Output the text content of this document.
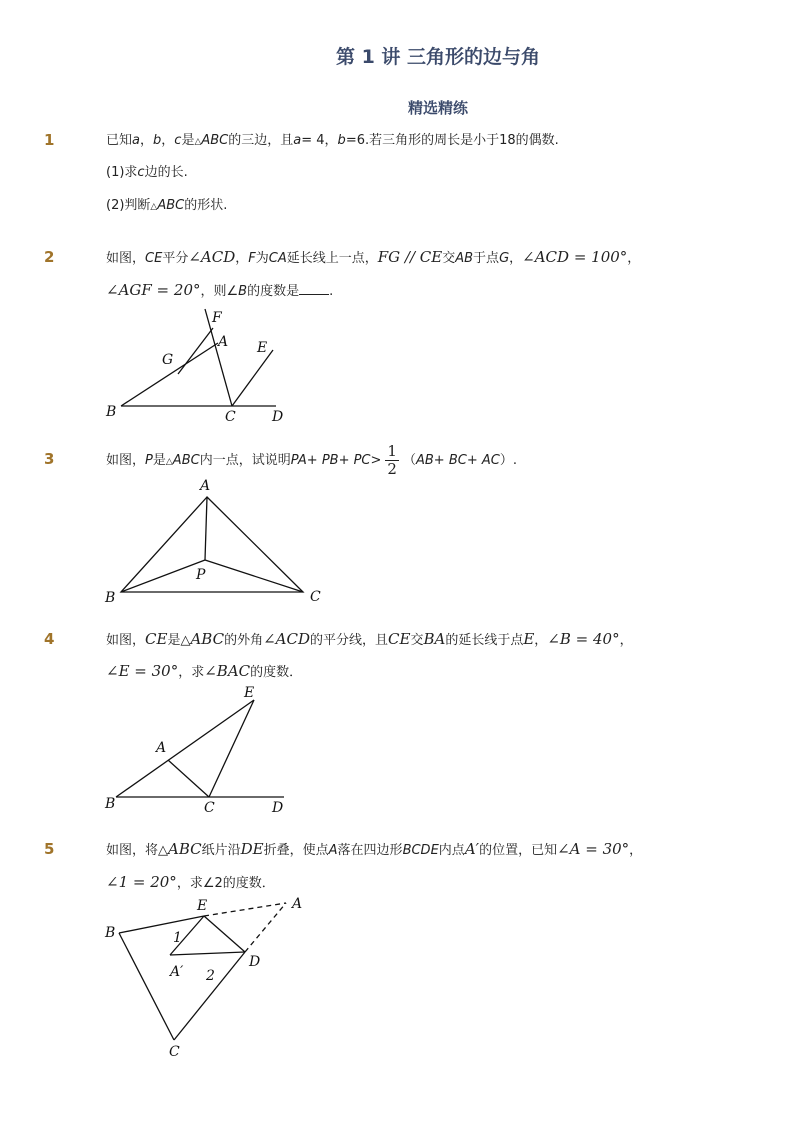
第 1 讲 三角形的边与角
精选精练
1	已知a，b，c是△ABC的三边，且a= 4，b=6.若三角形的周长是小于18的偶数.
(1)求c边的长.
(2)判断△ABC的形状.
2	如图，CE平分∠ACD，F为CA延长线上一点，FG // CE交AB于点G，∠ACD = 100°，
∠AGF = 20°，则∠B的度数是 .
F
A E
G
B	C	D
3	如图，P是△ABC内一点，试说明$PA+ PB+ PC> \frac{1}{2} (AB+ BC+ AC)$.
A
P
B	C
4	如图，CE是△ABC的外角∠ACD的平分线，且CE交BA的延长线于点E，∠B = 40°，
∠E = 30°，求∠BAC的度数．
E
A
B	C	D
5	如图，将△ABC纸片沿DE折叠，使点A落在四边形BCDE内点A′的位置，已知∠A = 30°，
∠1 = 20°，求∠2的度数．
E	A
B	1
A′ 2
D
C
